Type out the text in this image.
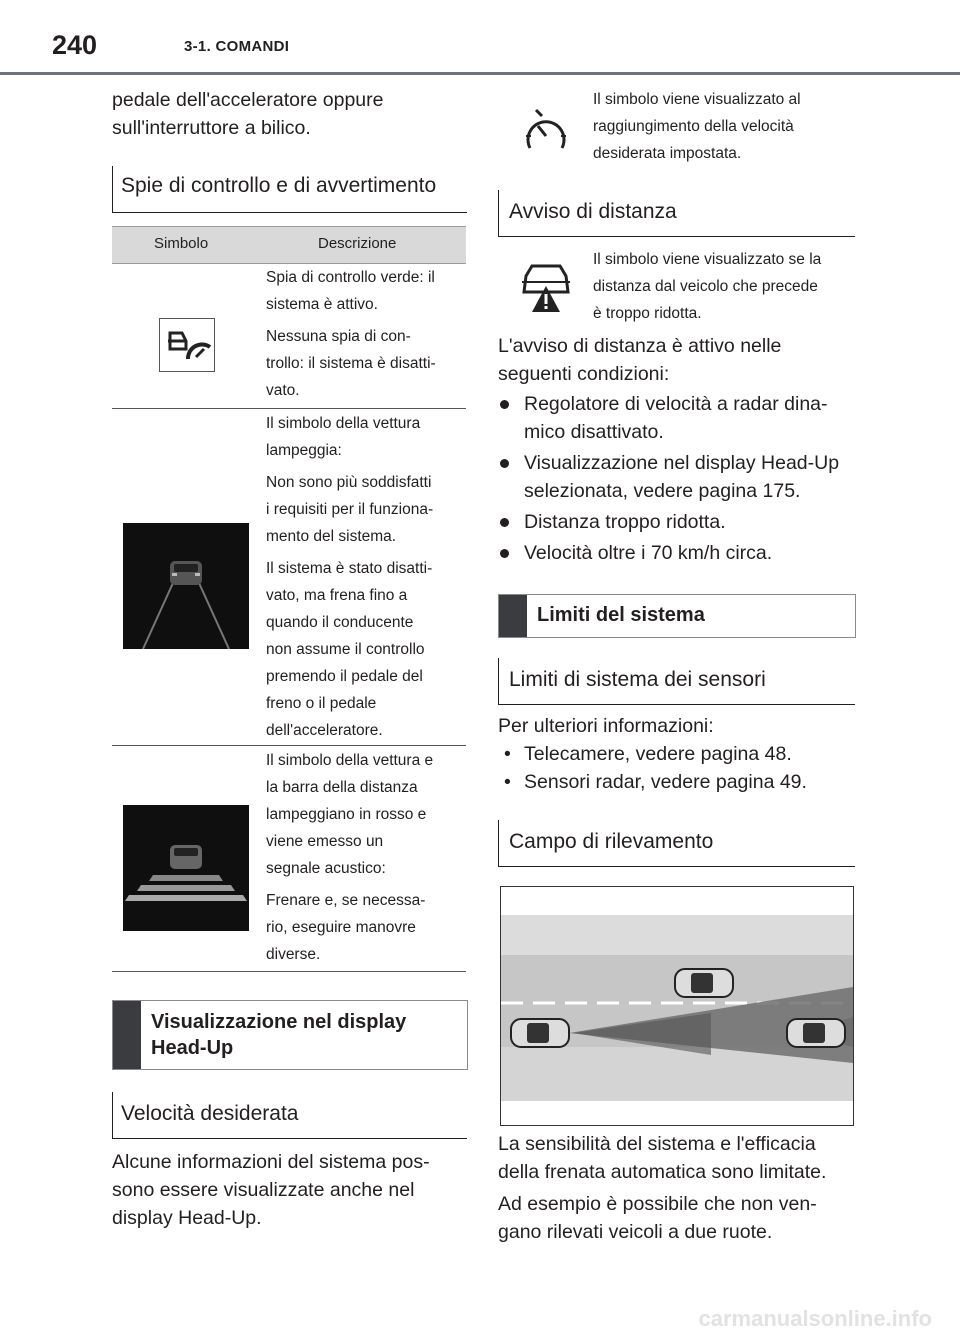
240	3-1. COMANDI
pedale dell'acceleratore oppure
sull'interruttore a bilico.
Spie di controllo e di avvertimento
Simbolo	Descrizione
Spia di controllo verde: il
sistema è attivo.
Nessuna spia di con-
trollo: il sistema è disatti-
vato.
Il simbolo della vettura
lampeggia:
Non sono più soddisfatti
i requisiti per il funziona-
mento del sistema.
Il sistema è stato disatti-
vato, ma frena fino a
quando il conducente
non assume il controllo
premendo il pedale del
freno o il pedale
dell'acceleratore.
Il simbolo della vettura e
la barra della distanza
lampeggiano in rosso e
viene emesso un
segnale acustico:
Frenare e, se necessa-
rio, eseguire manovre
diverse.
Visualizzazione nel display
Head-Up
Velocità desiderata
Alcune informazioni del sistema pos-
sono essere visualizzate anche nel
display Head-Up.
Il simbolo viene visualizzato al
raggiungimento della velocità
desiderata impostata.
Avviso di distanza
Il simbolo viene visualizzato se la
distanza dal veicolo che precede
è troppo ridotta.
L'avviso di distanza è attivo nelle
seguenti condizioni:
Regolatore di velocità a radar dina-
mico disattivato.
Visualizzazione nel display Head-Up
selezionata, vedere pagina 175.
Distanza troppo ridotta.
Velocità oltre i 70 km/h circa.
Limiti del sistema
Limiti di sistema dei sensori
Per ulteriori informazioni:
• Telecamere, vedere pagina 48.
• Sensori radar, vedere pagina 49.
Campo di rilevamento
La sensibilità del sistema e l'efficacia
della frenata automatica sono limitate.
Ad esempio è possibile che non ven-
gano rilevati veicoli a due ruote.
carmanualsonline.info
